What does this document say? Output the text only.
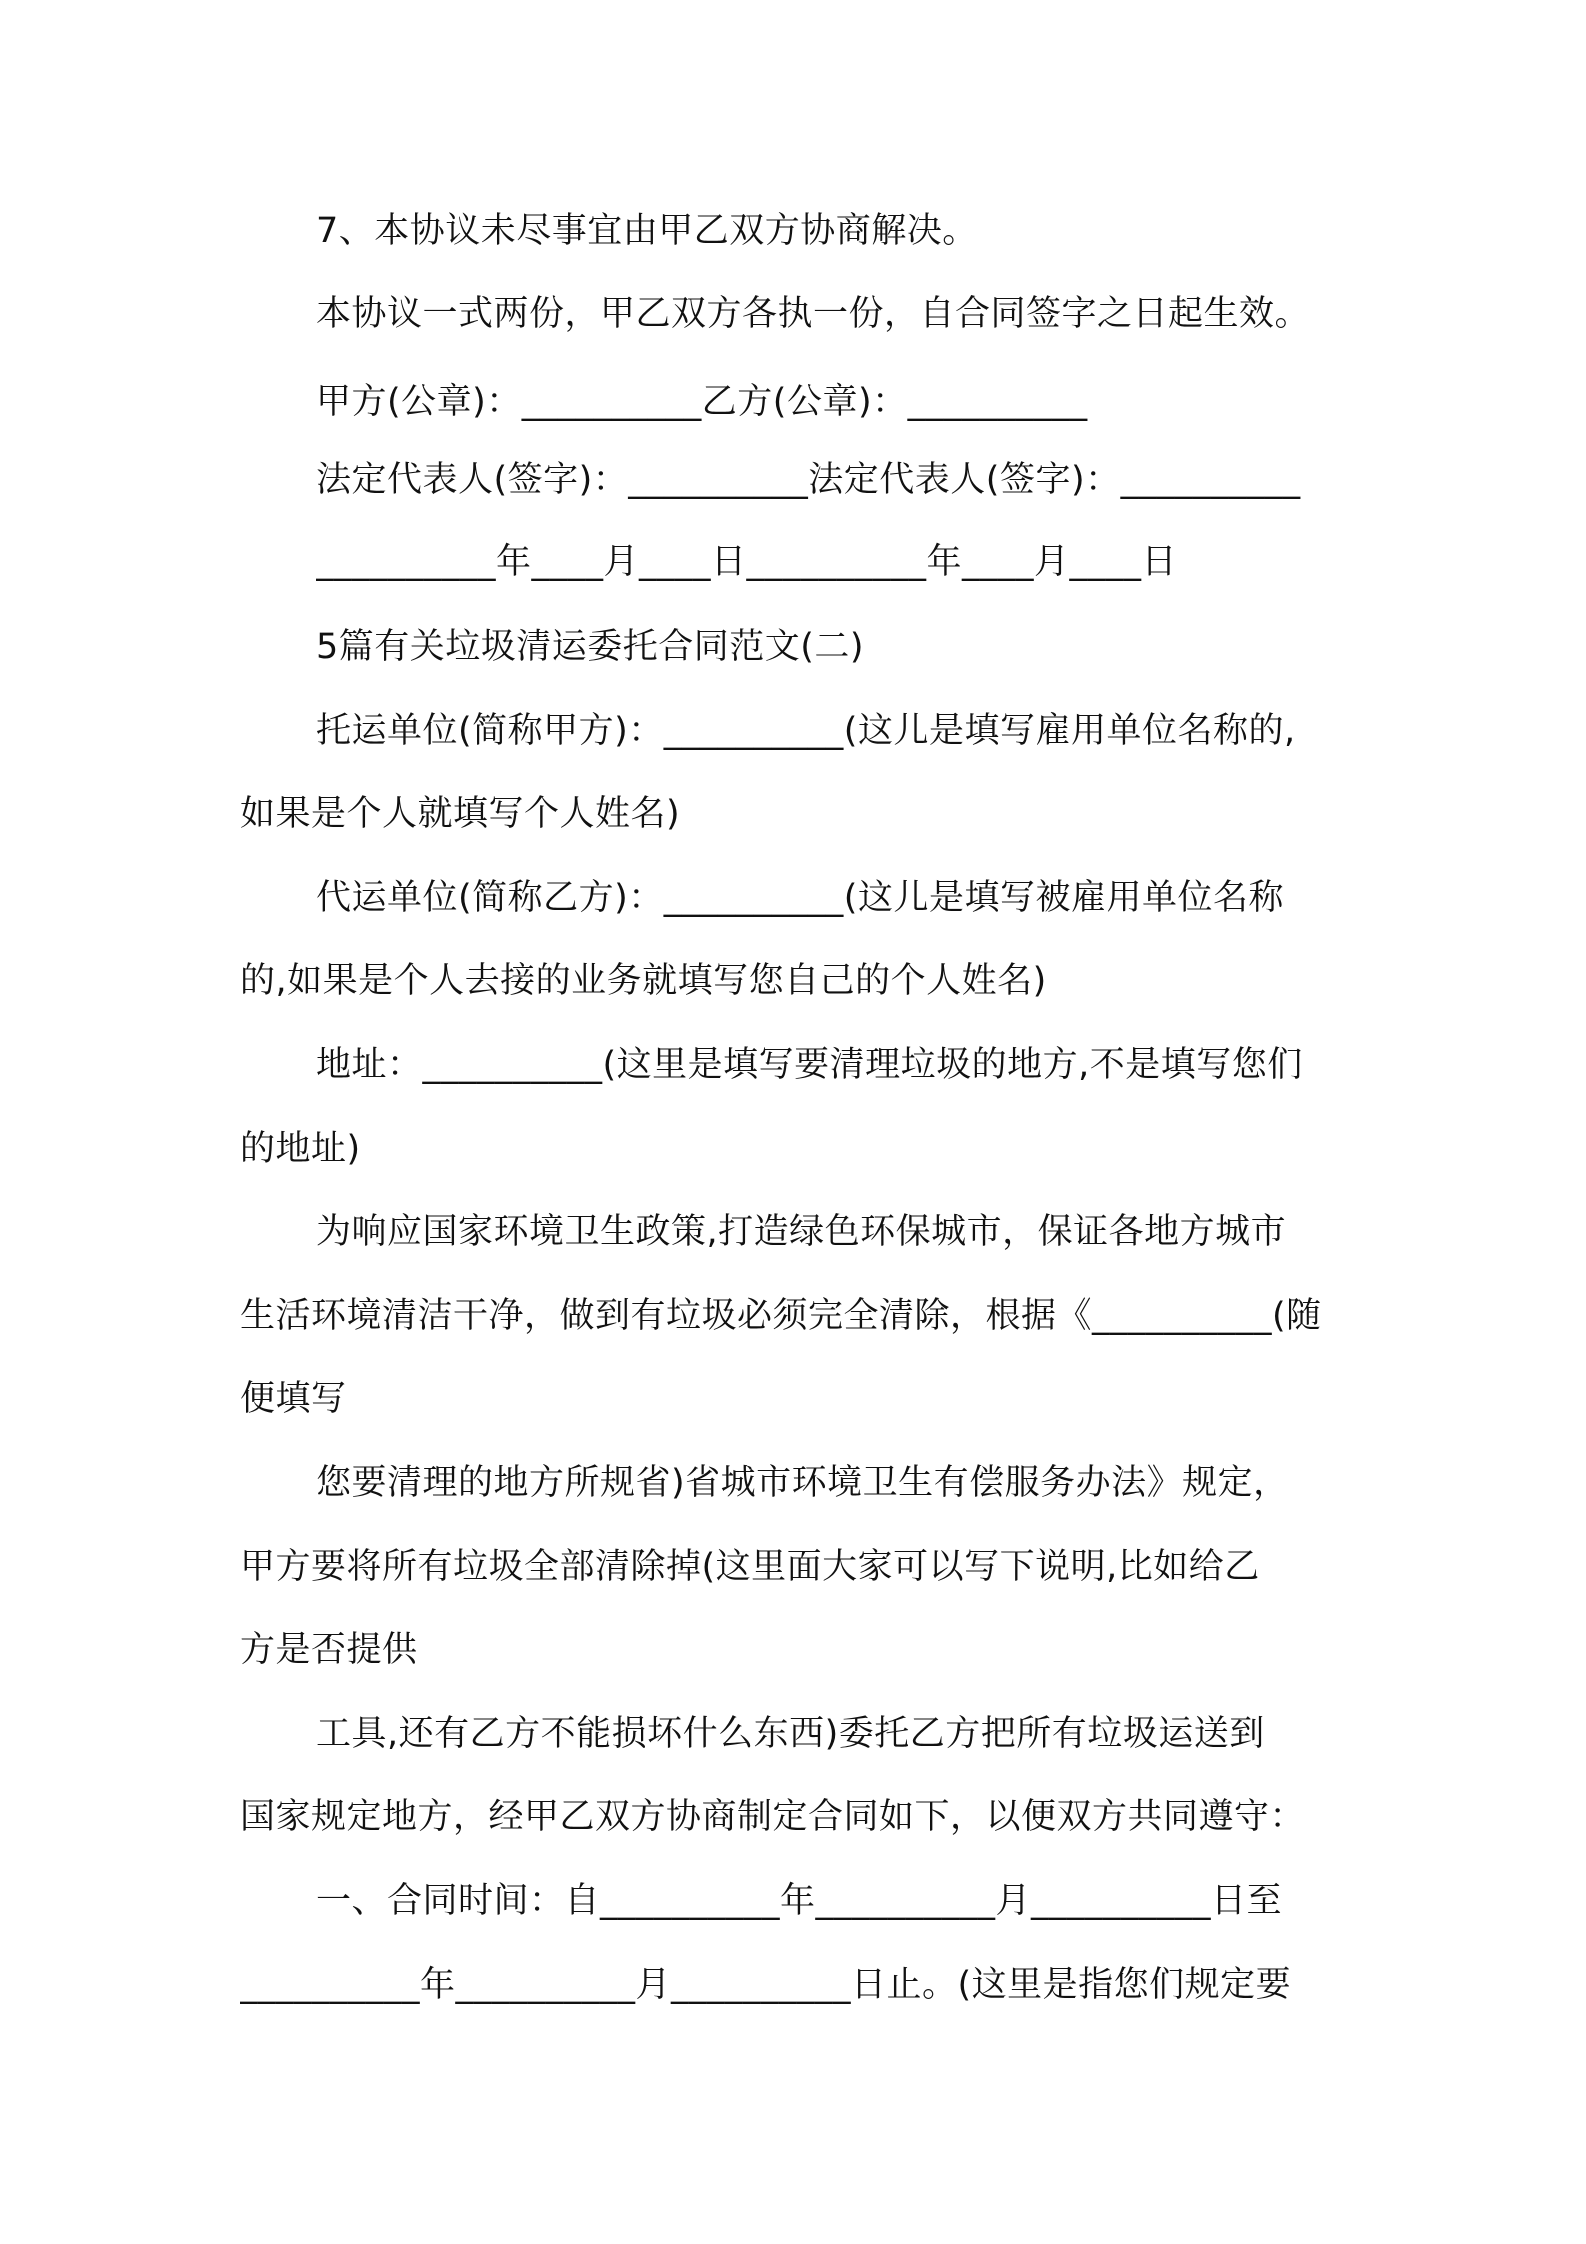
7、本协议未尽事宜由甲乙双方协商解决。
本协议一式两份，甲乙双方各执一份，自合同签字之日起生效。
甲方(公章)：__________乙方(公章)：__________
法定代表人(签字)：__________法定代表人(签字)：__________
__________年____月____日__________年____月____日
5篇有关垃圾清运委托合同范文(二)
托运单位(简称甲方)：__________(这儿是填写雇用单位名称的,
如果是个人就填写个人姓名)
代运单位(简称乙方)：__________(这儿是填写被雇用单位名称
的,如果是个人去接的业务就填写您自己的个人姓名)
地址：__________(这里是填写要清理垃圾的地方,不是填写您们
的地址)
为响应国家环境卫生政策,打造绿色环保城市，保证各地方城市
生活环境清洁干净，做到有垃圾必须完全清除，根据《__________(随
便填写
您要清理的地方所规省)省城市环境卫生有偿服务办法》规定，
甲方要将所有垃圾全部清除掉(这里面大家可以写下说明,比如给乙
方是否提供
工具,还有乙方不能损坏什么东西)委托乙方把所有垃圾运送到
国家规定地方，经甲乙双方协商制定合同如下，以便双方共同遵守：
一、合同时间：自__________年__________月__________日至
__________年__________月__________日止。(这里是指您们规定要
